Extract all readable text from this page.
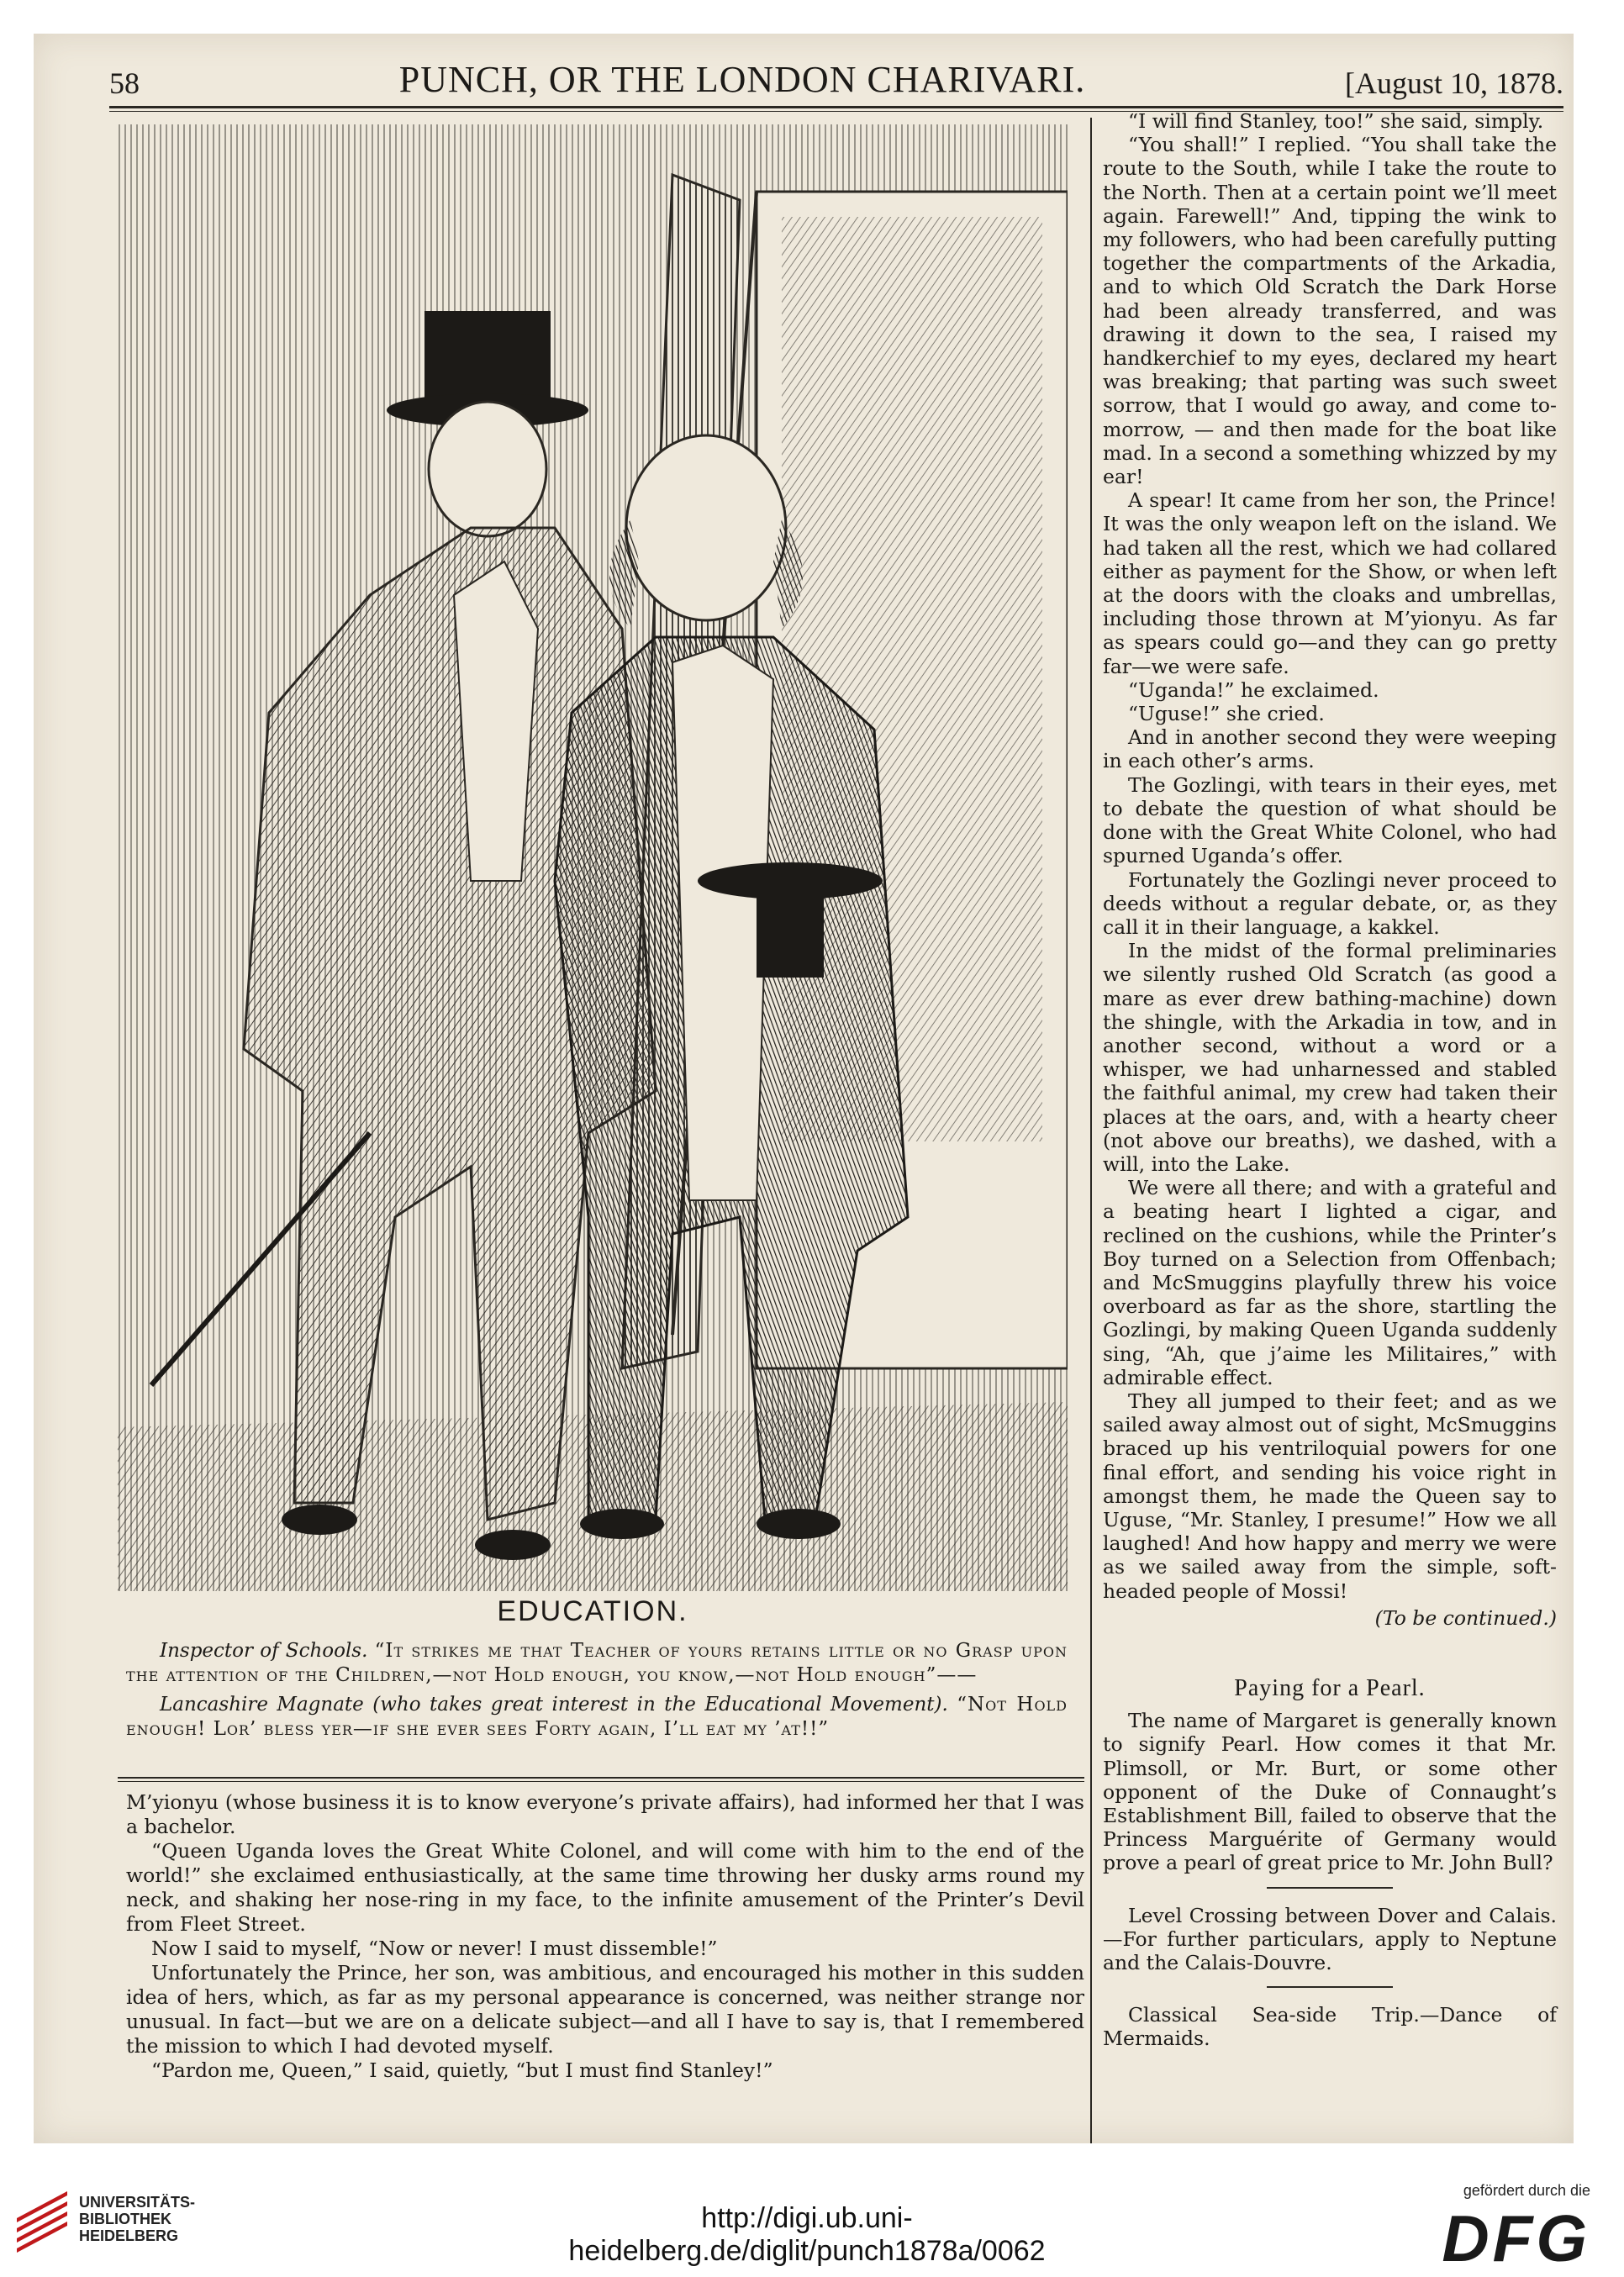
58	PUNCH, OR THE LONDON CHARIVARI.	[August 10, 1878.
EDUCATION.

Inspector of Schools. “It strikes me that Teacher of yours retains little or no Grasp upon the attention of the Children,—not Hold enough, you know,—not Hold enough”——

Lancashire Magnate (who takes great interest in the Educational Movement). “Not Hold enough! Lor’ bless yer—if she ever sees Forty again, I’ll eat my ’at!!”

M’yionyu (whose business it is to know everyone’s private affairs), had informed her that I was a bachelor.

“Queen Uganda loves the Great White Colonel, and will come with him to the end of the world!” she exclaimed enthusiastically, at the same time throwing her dusky arms round my neck, and shaking her nose-ring in my face, to the infinite amusement of the Printer’s Devil from Fleet Street.

Now I said to myself, “Now or never! I must dissemble!”

Unfortunately the Prince, her son, was ambitious, and encouraged his mother in this sudden idea of hers, which, as far as my personal appearance is concerned, was neither strange nor unusual. In fact—but we are on a delicate subject—and all I have to say is, that I remembered the mission to which I had devoted myself.

“Pardon me, Queen,” I said, quietly, “but I must find Stanley!”

“I will find Stanley, too!” she said, simply.

“You shall!” I replied. “You shall take the route to the South, while I take the route to the North. Then at a certain point we’ll meet again. Farewell!” And, tipping the wink to my followers, who had been carefully putting together the compartments of the Arkadia, and to which Old Scratch the Dark Horse had been already transferred, and was drawing it down to the sea, I raised my handkerchief to my eyes, declared my heart was breaking; that parting was such sweet sorrow, that I would go away, and come to-morrow, — and then made for the boat like mad. In a second a something whizzed by my ear!

A spear! It came from her son, the Prince! It was the only weapon left on the island. We had taken all the rest, which we had collared either as payment for the Show, or when left at the doors with the cloaks and umbrellas, including those thrown at M’yionyu. As far as spears could go—and they can go pretty far—we were safe.

“Uganda!” he exclaimed.

“Uguse!” she cried.

And in another second they were weeping in each other’s arms.

The Gozlingi, with tears in their eyes, met to debate the question of what should be done with the Great White Colonel, who had spurned Uganda’s offer.

Fortunately the Gozlingi never proceed to deeds without a regular debate, or, as they call it in their language, a kakkel.

In the midst of the formal preliminaries we silently rushed Old Scratch (as good a mare as ever drew bathing-machine) down the shingle, with the Arkadia in tow, and in another second, without a word or a whisper, we had unharnessed and stabled the faithful animal, my crew had taken their places at the oars, and, with a hearty cheer (not above our breaths), we dashed, with a will, into the Lake.

We were all there; and with a grateful and a beating heart I lighted a cigar, and reclined on the cushions, while the Printer’s Boy turned on a Selection from Offenbach; and McSmuggins playfully threw his voice overboard as far as the shore, startling the Gozlingi, by making Queen Uganda suddenly sing, “Ah, que j’aime les Militaires,” with admirable effect.

They all jumped to their feet; and as we sailed away almost out of sight, McSmuggins braced up his ventriloquial powers for one final effort, and sending his voice right in amongst them, he made the Queen say to Uguse, “Mr. Stanley, I presume!” How we all laughed! And how happy and merry we were as we sailed away from the simple, soft-headed people of Mossi!

(To be continued.)

Paying for a Pearl.

The name of Margaret is generally known to signify Pearl. How comes it that Mr. Plimsoll, or Mr. Burt, or some other opponent of the Duke of Connaught’s Establishment Bill, failed to observe that the Princess Marguérite of Germany would prove a pearl of great price to Mr. John Bull?

Level Crossing between Dover and Calais.—For further particulars, apply to Neptune and the Calais-Douvre.

Classical Sea-side Trip.—Dance of Mermaids.

UNIVERSITÄTS-BIBLIOTHEK HEIDELBERG
http://digi.ub.uni-heidelberg.de/diglit/punch1878a/0062
gefördert durch die
DFG
